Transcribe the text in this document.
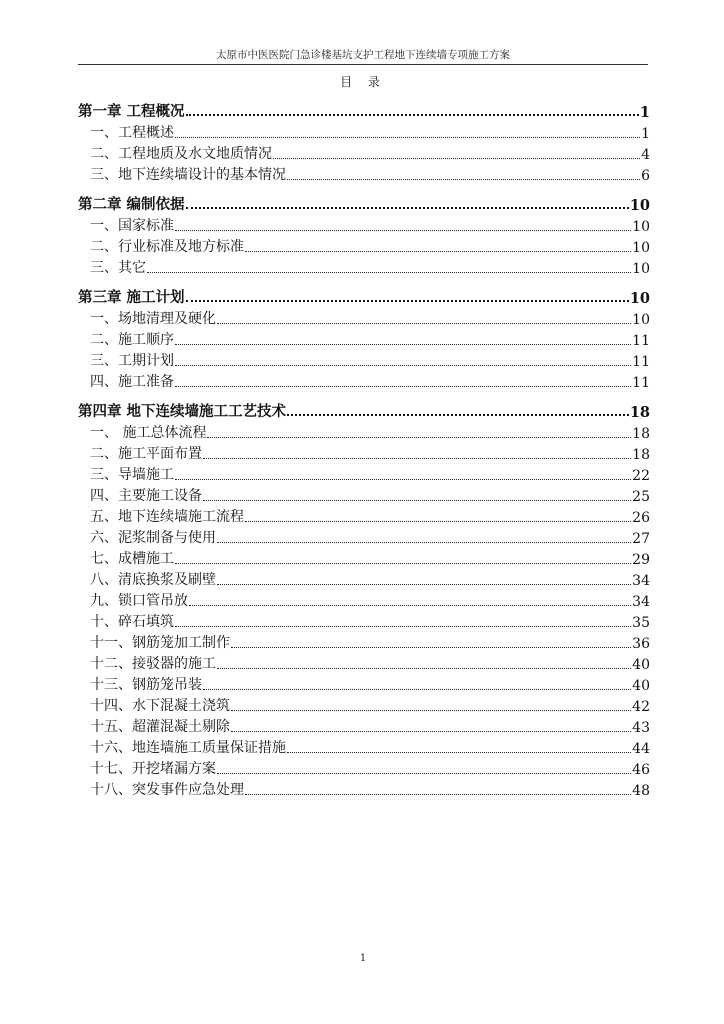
太原市中医医院门急诊楼基坑支护工程地下连续墙专项施工方案
目 录
第一章 工程概况	1
一、工程概述	1
二、工程地质及水文地质情况	4
三、地下连续墙设计的基本情况	6
第二章 编制依据	10
一、国家标准	10
二、行业标准及地方标准	10
三、其它	10
第三章 施工计划	10
一、场地清理及硬化	10
二、施工顺序	11
三、工期计划	11
四、施工准备	11
第四章 地下连续墙施工工艺技术	18
一、 施工总体流程	18
二、施工平面布置	18
三、导墙施工	22
四、主要施工设备	25
五、地下连续墙施工流程	26
六、泥浆制备与使用	27
七、成槽施工	29
八、清底换浆及刷壁	34
九、锁口管吊放	34
十、碎石填筑	35
十一、钢筋笼加工制作	36
十二、接驳器的施工	40
十三、钢筋笼吊装	40
十四、水下混凝土浇筑	42
十五、超灌混凝土剔除	43
十六、地连墙施工质量保证措施	44
十七、开挖堵漏方案	46
十八、突发事件应急处理	48
1
